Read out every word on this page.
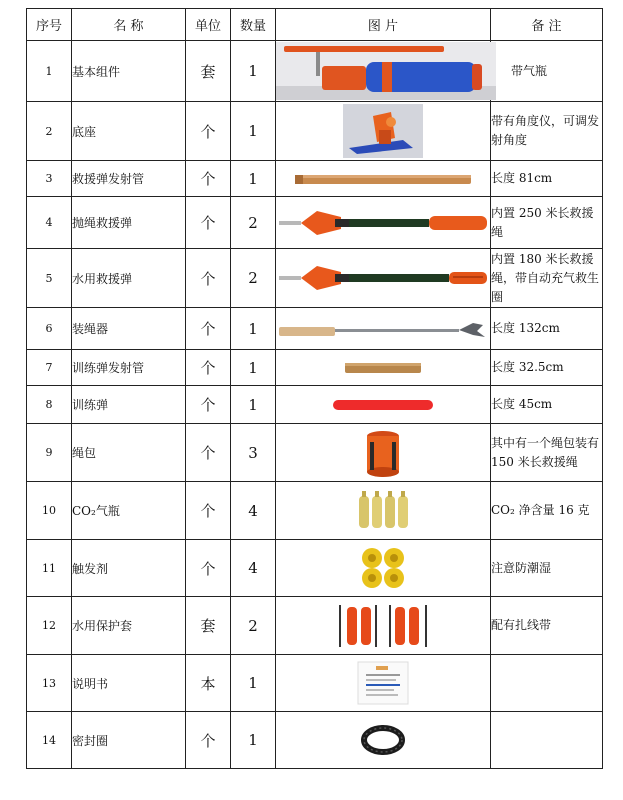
序号	名 称	单位	数量	图 片	备 注
1	基本组件	套	1		带气瓶
2	底座	个	1		带有角度仪，可调发射角度
3	救援弹发射管	个	1		长度 81cm
4	抛绳救援弹	个	2		内置 250 米长救援绳
5	水用救援弹	个	2		内置 180 米长救援绳，带自动充气救生圈
6	装绳器	个	1		长度 132cm
7	训练弹发射管	个	1		长度 32.5cm
8	训练弹	个	1		长度 45cm
9	绳包	个	3		其中有一个绳包装有 150 米长救援绳
10	CO₂气瓶	个	4		CO₂ 净含量 16 克
11	触发剂	个	4		注意防潮湿
12	水用保护套	套	2		配有扎线带
13	说明书	本	1	

14	密封圈	个	1	
